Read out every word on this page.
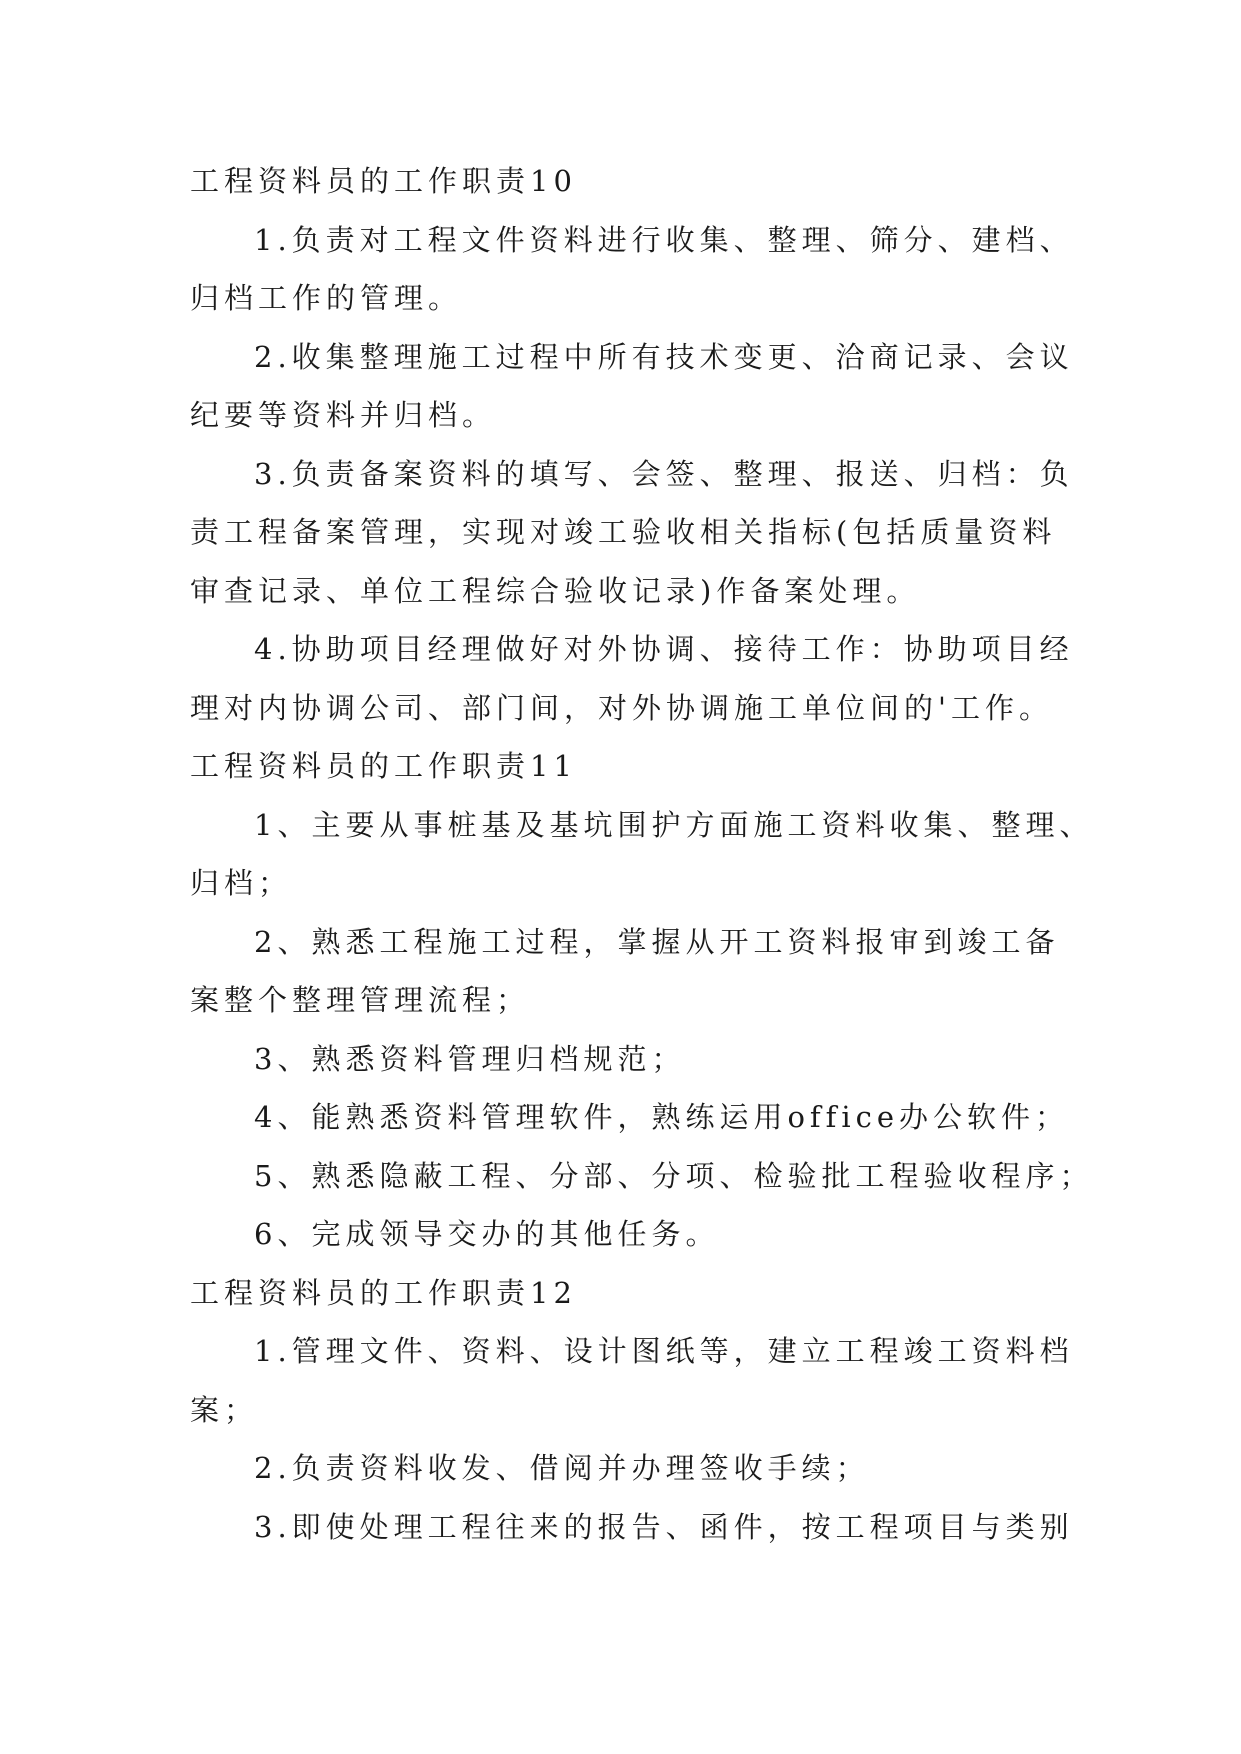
工程资料员的工作职责10
1.负责对工程文件资料进行收集、整理、筛分、建档、
归档工作的管理。
2.收集整理施工过程中所有技术变更、洽商记录、会议
纪要等资料并归档。
3.负责备案资料的填写、会签、整理、报送、归档：负
责工程备案管理，实现对竣工验收相关指标(包括质量资料
审查记录、单位工程综合验收记录)作备案处理。
4.协助项目经理做好对外协调、接待工作：协助项目经
理对内协调公司、部门间，对外协调施工单位间的'工作。
工程资料员的工作职责11
1、主要从事桩基及基坑围护方面施工资料收集、整理、
归档；
2、熟悉工程施工过程，掌握从开工资料报审到竣工备
案整个整理管理流程；
3、熟悉资料管理归档规范；
4、能熟悉资料管理软件，熟练运用office办公软件；
5、熟悉隐蔽工程、分部、分项、检验批工程验收程序；
6、完成领导交办的其他任务。
工程资料员的工作职责12
1.管理文件、资料、设计图纸等，建立工程竣工资料档
案；
2.负责资料收发、借阅并办理签收手续；
3.即使处理工程往来的报告、函件，按工程项目与类别
